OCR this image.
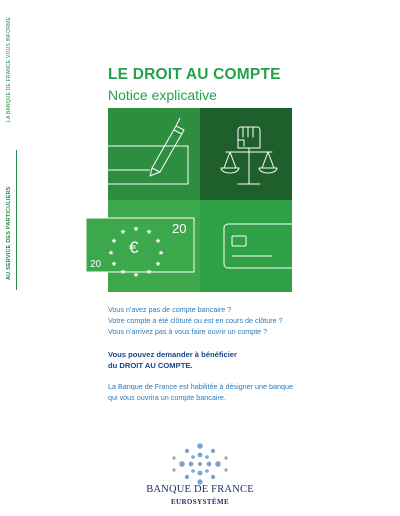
LA BANQUE DE FRANCE VOUS INFORME
AU SERVICE DES PARTICULIERS
LE DROIT AU COMPTE
Notice explicative
★ ★
★
★
★
★
★
★
★
★
★
★	20
20
€
Vous n'avez pas de compte bancaire ?
Votre compte a été clôturé ou est en cours de clôture ?
Vous n'arrivez pas à vous faire ouvrir un compte ?
Vous pouvez demander à bénéficier
du DROIT AU COMPTE.
La Banque de France est habilitée à désigner une banque
qui vous ouvrira un compte bancaire.
BANQUE DE FRANCE
EUROSYSTÈME
